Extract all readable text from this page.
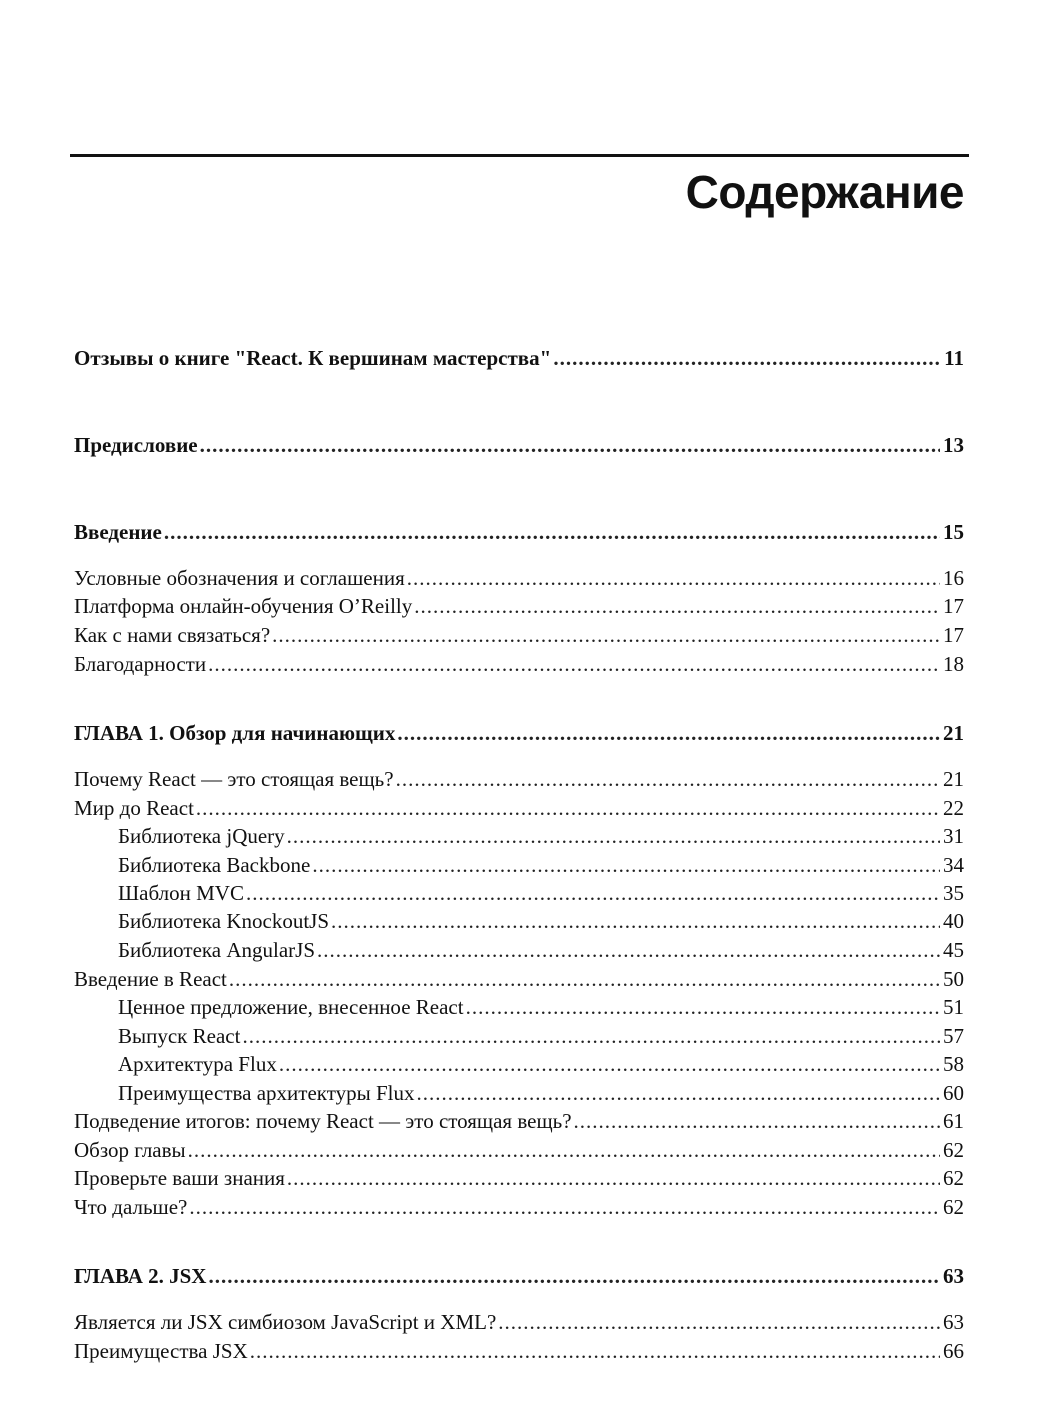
Содержание
Отзывы о книге "React. К вершинам мастерства" .....	11
Предисловие .....	13
Введение .....	15
Условные обозначения и соглашения .....	16
Платформа онлайн-обучения O’Reilly .....	17
Как с нами связаться? .....	17
Благодарности .....	18
ГЛАВА 1. Обзор для начинающих .....	21
Почему React — это стоящая вещь? .....	21
Мир до React .....	22
Библиотека jQuery .....	31
Библиотека Backbone .....	34
Шаблон MVC .....	35
Библиотека KnockoutJS .....	40
Библиотека AngularJS .....	45
Введение в React .....	50
Ценное предложение, внесенное React .....	51
Выпуск React .....	57
Архитектура Flux .....	58
Преимущества архитектуры Flux .....	60
Подведение итогов: почему React — это стоящая вещь? .....	61
Обзор главы .....	62
Проверьте ваши знания .....	62
Что дальше? .....	62
ГЛАВА 2. JSX .....	63
Является ли JSX симбиозом JavaScript и XML? .....	63
Преимущества JSX .....	66
